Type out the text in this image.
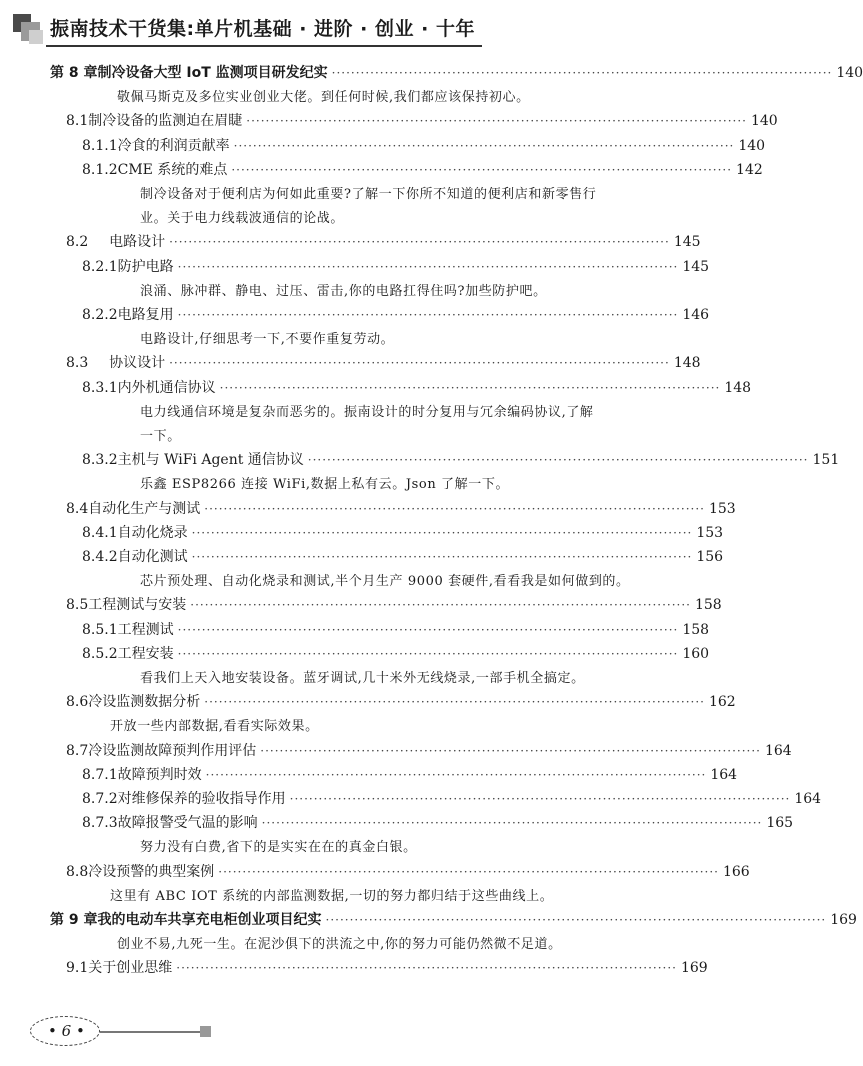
振南技术干货集:单片机基础 · 进阶 · 创业 · 十年
第 8 章 制冷设备大型 IoT 监测项目研发纪实 ········································································································ 140
敬佩马斯克及多位实业创业大佬。到任何时候,我们都应该保持初心。
8.1 制冷设备的监测迫在眉睫 ········································································································ 140
8.1.1 冷食的利润贡献率 ········································································································ 140
8.1.2 CME 系统的难点 ········································································································ 142
制冷设备对于便利店为何如此重要?了解一下你所不知道的便利店和新零售行
业。关于电力线载波通信的论战。
8.2	电路设计 ········································································································ 145
8.2.1 防护电路 ········································································································ 145
浪涌、脉冲群、静电、过压、雷击,你的电路扛得住吗?加些防护吧。
8.2.2 电路复用 ········································································································ 146
电路设计,仔细思考一下,不要作重复劳动。
8.3	协议设计 ········································································································ 148
8.3.1 内外机通信协议 ········································································································ 148
电力线通信环境是复杂而恶劣的。振南设计的时分复用与冗余编码协议,了解
一下。
8.3.2 主机与 WiFi Agent 通信协议 ········································································································ 151
乐鑫 ESP8266 连接 WiFi,数据上私有云。Json 了解一下。
8.4 自动化生产与测试 ········································································································ 153
8.4.1 自动化烧录 ········································································································ 153
8.4.2 自动化测试 ········································································································ 156
芯片预处理、自动化烧录和测试,半个月生产 9000 套硬件,看看我是如何做到的。
8.5 工程测试与安装 ········································································································ 158
8.5.1 工程测试 ········································································································ 158
8.5.2 工程安装 ········································································································ 160
看我们上天入地安装设备。蓝牙调试,几十米外无线烧录,一部手机全搞定。
8.6 冷设监测数据分析 ········································································································ 162
开放一些内部数据,看看实际效果。
8.7 冷设监测故障预判作用评估 ········································································································ 164
8.7.1 故障预判时效 ········································································································ 164
8.7.2 对维修保养的验收指导作用 ········································································································ 164
8.7.3 故障报警受气温的影响 ········································································································ 165
努力没有白费,省下的是实实在在的真金白银。
8.8 冷设预警的典型案例 ········································································································ 166
这里有 ABC IOT 系统的内部监测数据,一切的努力都归结于这些曲线上。
第 9 章 我的电动车共享充电柜创业项目纪实 ········································································································ 169
创业不易,九死一生。在泥沙俱下的洪流之中,你的努力可能仍然微不足道。
9.1 关于创业思维 ········································································································ 169
• 6 •
